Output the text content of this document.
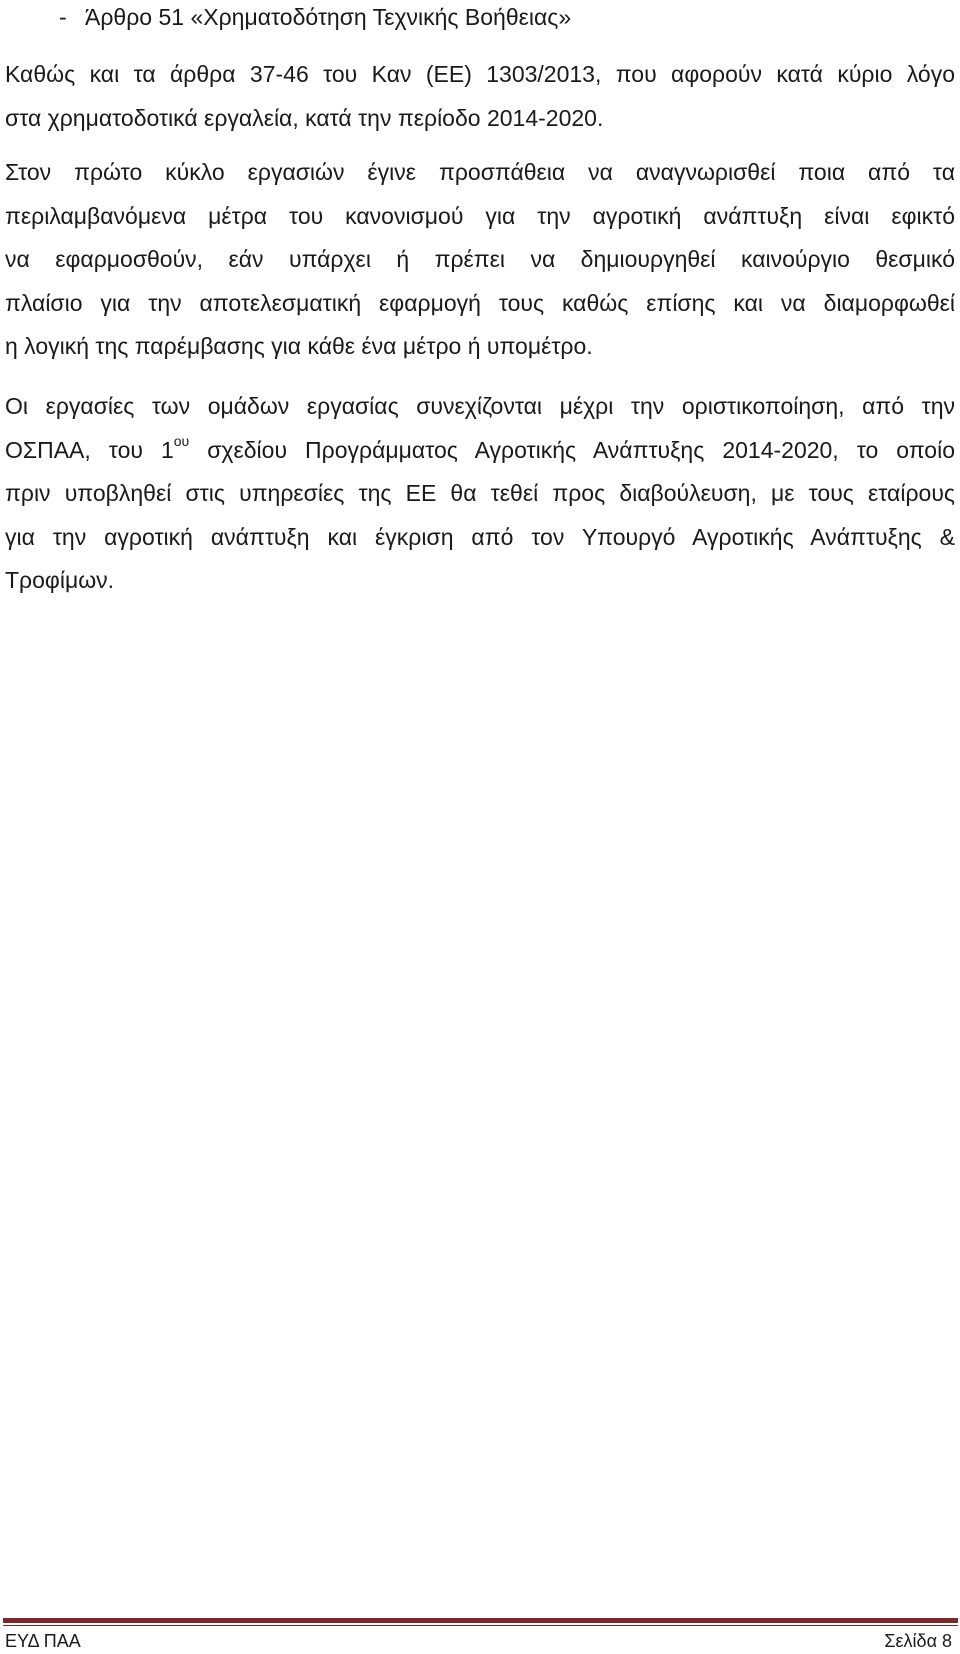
- Άρθρο 51 «Χρηματοδότηση Τεχνικής Βοήθειας»
Καθώς και τα άρθρα 37-46 του Καν (ΕΕ) 1303/2013, που αφορούν κατά κύριο λόγο
στα χρηματοδοτικά εργαλεία, κατά την περίοδο 2014-2020.
Στον πρώτο κύκλο εργασιών έγινε προσπάθεια να αναγνωρισθεί ποια από τα
περιλαμβανόμενα μέτρα του κανονισμού για την αγροτική ανάπτυξη είναι εφικτό
να εφαρμοσθούν, εάν υπάρχει ή πρέπει να δημιουργηθεί καινούργιο θεσμικό
πλαίσιο για την αποτελεσματική εφαρμογή τους καθώς επίσης και να διαμορφωθεί
η λογική της παρέμβασης για κάθε ένα μέτρο ή υπομέτρο.
Οι εργασίες των ομάδων εργασίας συνεχίζονται μέχρι την οριστικοποίηση, από την
ΟΣΠΑΑ, του $1^{o\upsilon}$ σχεδίου Προγράμματος Αγροτικής Ανάπτυξης 2014-2020, το οποίο
πριν υποβληθεί στις υπηρεσίες της ΕΕ θα τεθεί προς διαβούλευση, με τους εταίρους
για την αγροτική ανάπτυξη και έγκριση από τον Υπουργό Αγροτικής Ανάπτυξης &
Τροφίμων.
ΕΥΔ ΠΑΑ	Σελίδα 8
